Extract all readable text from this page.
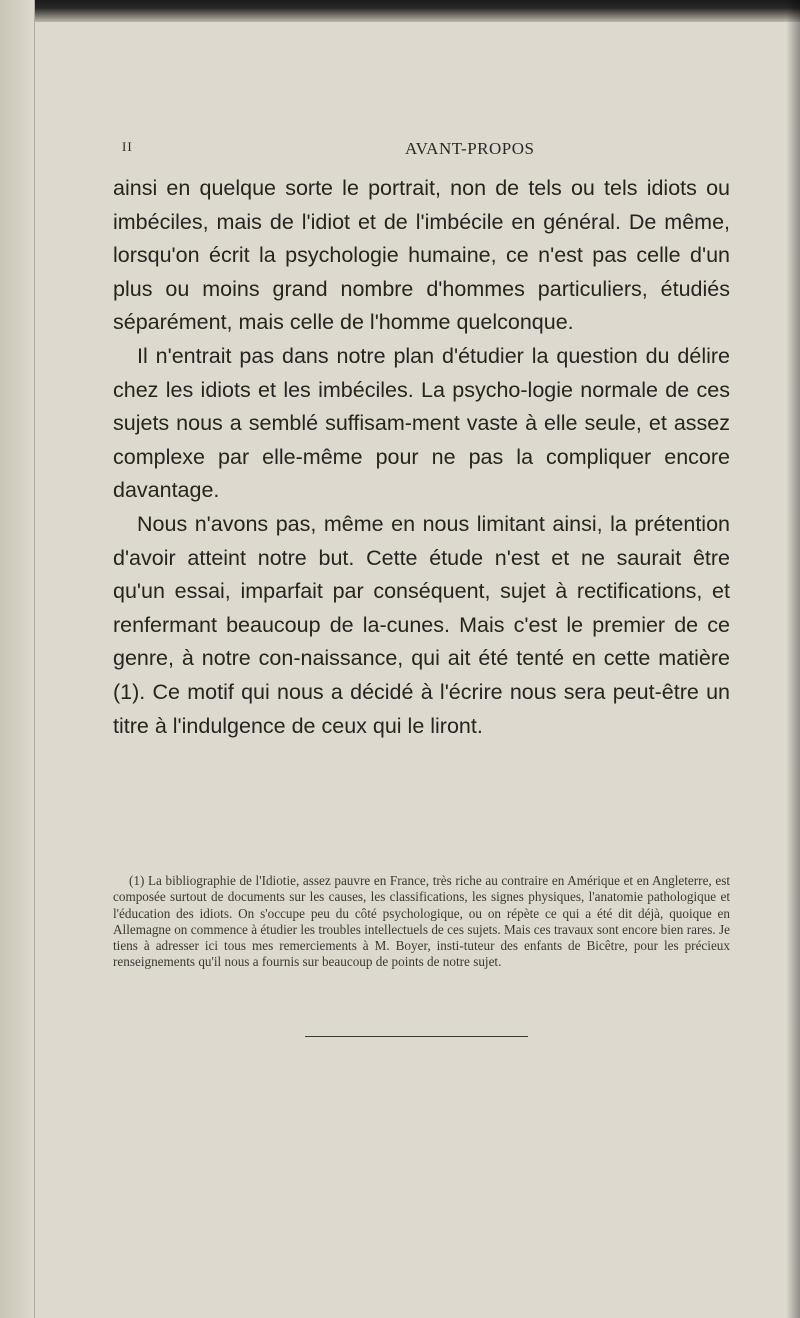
II	AVANT-PROPOS

ainsi en quelque sorte le portrait, non de tels ou tels idiots ou imbéciles, mais de l'idiot et de l'imbécile en général. De même, lorsqu'on écrit la psychologie humaine, ce n'est pas celle d'un plus ou moins grand nombre d'hommes particuliers, étudiés séparément, mais celle de l'homme quelconque.

Il n'entrait pas dans notre plan d'étudier la question du délire chez les idiots et les imbéciles. La psycho-logie normale de ces sujets nous a semblé suffisam-ment vaste à elle seule, et assez complexe par elle-même pour ne pas la compliquer encore davantage.

Nous n'avons pas, même en nous limitant ainsi, la prétention d'avoir atteint notre but. Cette étude n'est et ne saurait être qu'un essai, imparfait par conséquent, sujet à rectifications, et renfermant beaucoup de la-cunes. Mais c'est le premier de ce genre, à notre con-naissance, qui ait été tenté en cette matière (1). Ce motif qui nous a décidé à l'écrire nous sera peut-être un titre à l'indulgence de ceux qui le liront.

(1) La bibliographie de l'Idiotie, assez pauvre en France, très riche au contraire en Amérique et en Angleterre, est composée surtout de documents sur les causes, les classifications, les signes physiques, l'anatomie pathologique et l'éducation des idiots. On s'occupe peu du côté psychologique, ou on répète ce qui a été dit déjà, quoique en Allemagne on commence à étudier les troubles intellectuels de ces sujets. Mais ces travaux sont encore bien rares. Je tiens à adresser ici tous mes remerciements à M. Boyer, insti-tuteur des enfants de Bicêtre, pour les précieux renseignements qu'il nous a fournis sur beaucoup de points de notre sujet.
